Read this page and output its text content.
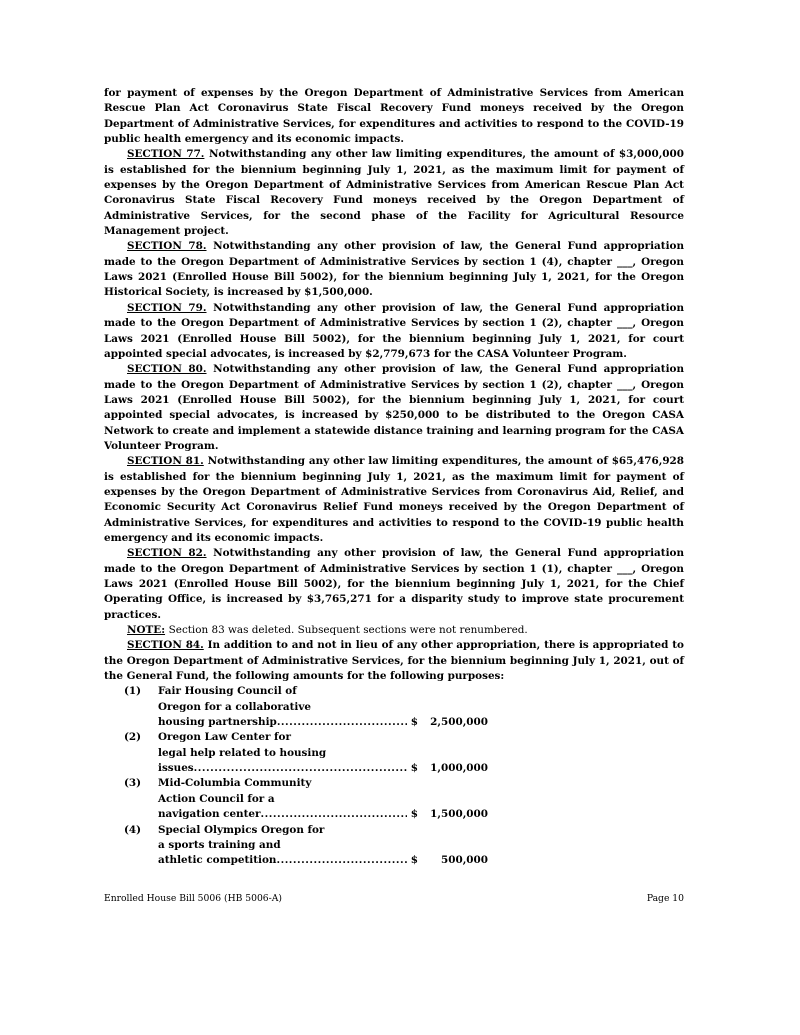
for payment of expenses by the Oregon Department of Administrative Services from American Rescue Plan Act Coronavirus State Fiscal Recovery Fund moneys received by the Oregon Department of Administrative Services, for expenditures and activities to respond to the COVID-19 public health emergency and its economic impacts.

SECTION 77. Notwithstanding any other law limiting expenditures, the amount of $3,000,000 is established for the biennium beginning July 1, 2021, as the maximum limit for payment of expenses by the Oregon Department of Administrative Services from American Rescue Plan Act Coronavirus State Fiscal Recovery Fund moneys received by the Oregon Department of Administrative Services, for the second phase of the Facility for Agricultural Resource Management project.

SECTION 78. Notwithstanding any other provision of law, the General Fund appropriation made to the Oregon Department of Administrative Services by section 1 (4), chapter ___, Oregon Laws 2021 (Enrolled House Bill 5002), for the biennium beginning July 1, 2021, for the Oregon Historical Society, is increased by $1,500,000.

SECTION 79. Notwithstanding any other provision of law, the General Fund appropriation made to the Oregon Department of Administrative Services by section 1 (2), chapter ___, Oregon Laws 2021 (Enrolled House Bill 5002), for the biennium beginning July 1, 2021, for court appointed special advocates, is increased by $2,779,673 for the CASA Volunteer Program.

SECTION 80. Notwithstanding any other provision of law, the General Fund appropriation made to the Oregon Department of Administrative Services by section 1 (2), chapter ___, Oregon Laws 2021 (Enrolled House Bill 5002), for the biennium beginning July 1, 2021, for court appointed special advocates, is increased by $250,000 to be distributed to the Oregon CASA Network to create and implement a statewide distance training and learning program for the CASA Volunteer Program.

SECTION 81. Notwithstanding any other law limiting expenditures, the amount of $65,476,928 is established for the biennium beginning July 1, 2021, as the maximum limit for payment of expenses by the Oregon Department of Administrative Services from Coronavirus Aid, Relief, and Economic Security Act Coronavirus Relief Fund moneys received by the Oregon Department of Administrative Services, for expenditures and activities to respond to the COVID-19 public health emergency and its economic impacts.

SECTION 82. Notwithstanding any other provision of law, the General Fund appropriation made to the Oregon Department of Administrative Services by section 1 (1), chapter ___, Oregon Laws 2021 (Enrolled House Bill 5002), for the biennium beginning July 1, 2021, for the Chief Operating Office, is increased by $3,765,271 for a disparity study to improve state procurement practices.

NOTE: Section 83 was deleted. Subsequent sections were not renumbered.

SECTION 84. In addition to and not in lieu of any other appropriation, there is appropriated to the Oregon Department of Administrative Services, for the biennium beginning July 1, 2021, out of the General Fund, the following amounts for the following purposes:

(1)	Fair Housing Council of
Oregon for a collaborative
housing partnership .....	$	2,500,000
(2)	Oregon Law Center for
legal help related to housing
issues .....	$	1,000,000
(3)	Mid-Columbia Community
Action Council for a
navigation center .....	$	1,500,000
(4)	Special Olympics Oregon for
a sports training and
athletic competition .....	$	500,000
Enrolled House Bill 5006 (HB 5006-A)	Page 10
